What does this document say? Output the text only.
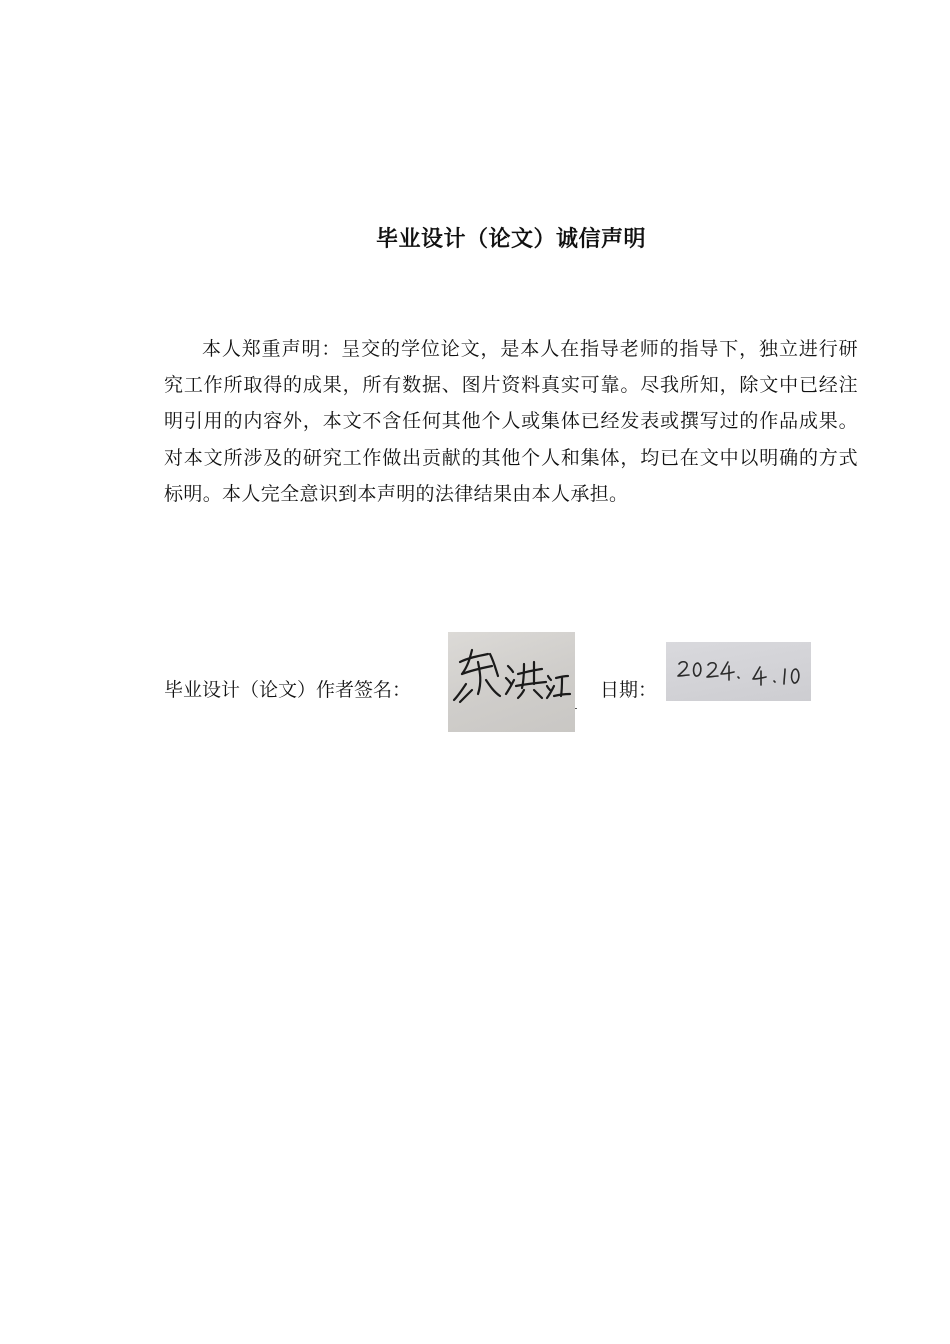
毕业设计（论文）诚信声明

本人郑重声明：呈交的学位论文，是本人在指导老师的指导下，独立进行研究工作所取得的成果，所有数据、图片资料真实可靠。尽我所知，除文中已经注明引用的内容外，本文不含任何其他个人或集体已经发表或撰写过的作品成果。对本文所涉及的研究工作做出贡献的其他个人和集体，均已在文中以明确的方式标明。本人完全意识到本声明的法律结果由本人承担。

毕业设计（论文）作者签名：	日期：
